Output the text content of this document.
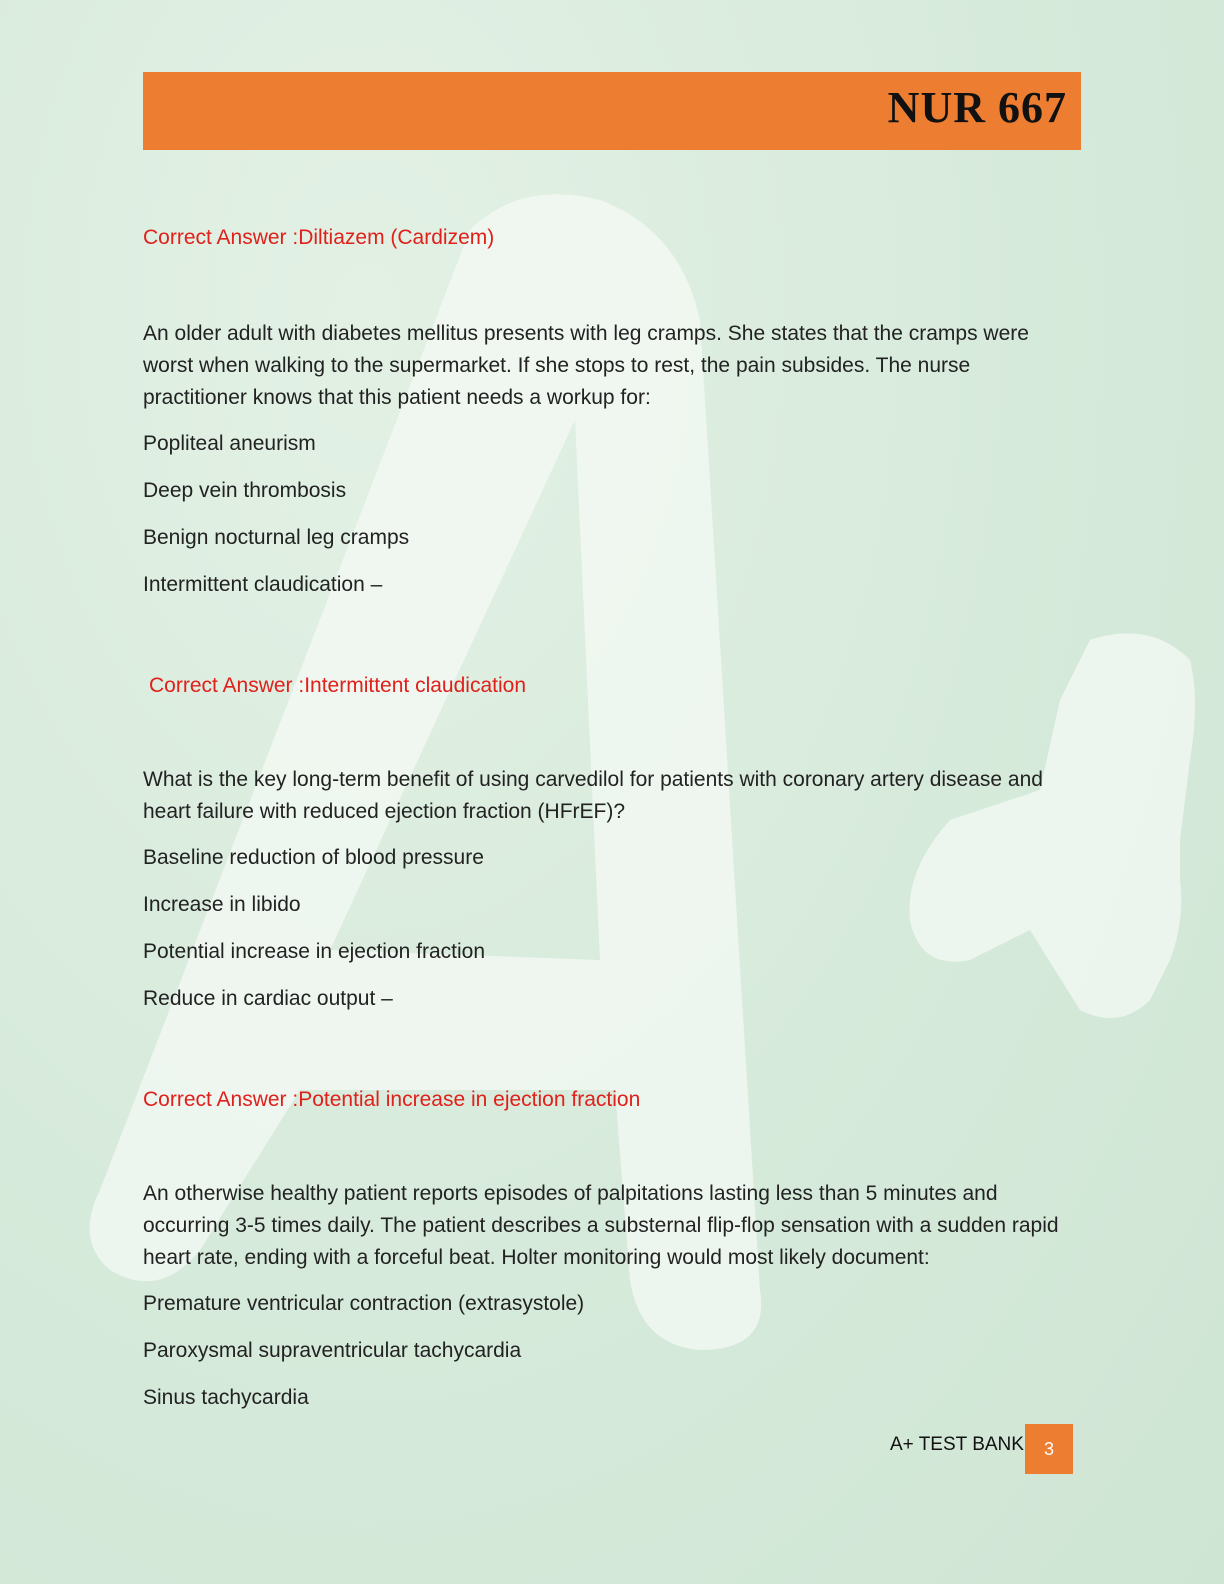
NUR 667
Correct Answer :Diltiazem (Cardizem)
An older adult with diabetes mellitus presents with leg cramps. She states that the cramps were worst when walking to the supermarket. If she stops to rest, the pain subsides. The nurse practitioner knows that this patient needs a workup for:
Popliteal aneurism
Deep vein thrombosis
Benign nocturnal leg cramps
Intermittent claudication –
Correct Answer :Intermittent claudication
What is the key long-term benefit of using carvedilol for patients with coronary artery disease and heart failure with reduced ejection fraction (HFrEF)?
Baseline reduction of blood pressure
Increase in libido
Potential increase in ejection fraction
Reduce in cardiac output –
Correct Answer :Potential increase in ejection fraction
An otherwise healthy patient reports episodes of palpitations lasting less than 5 minutes and occurring 3-5 times daily. The patient describes a substernal flip-flop sensation with a sudden rapid heart rate, ending with a forceful beat. Holter monitoring would most likely document:
Premature ventricular contraction (extrasystole)
Paroxysmal supraventricular tachycardia
Sinus tachycardia
A+ TEST BANK	3
